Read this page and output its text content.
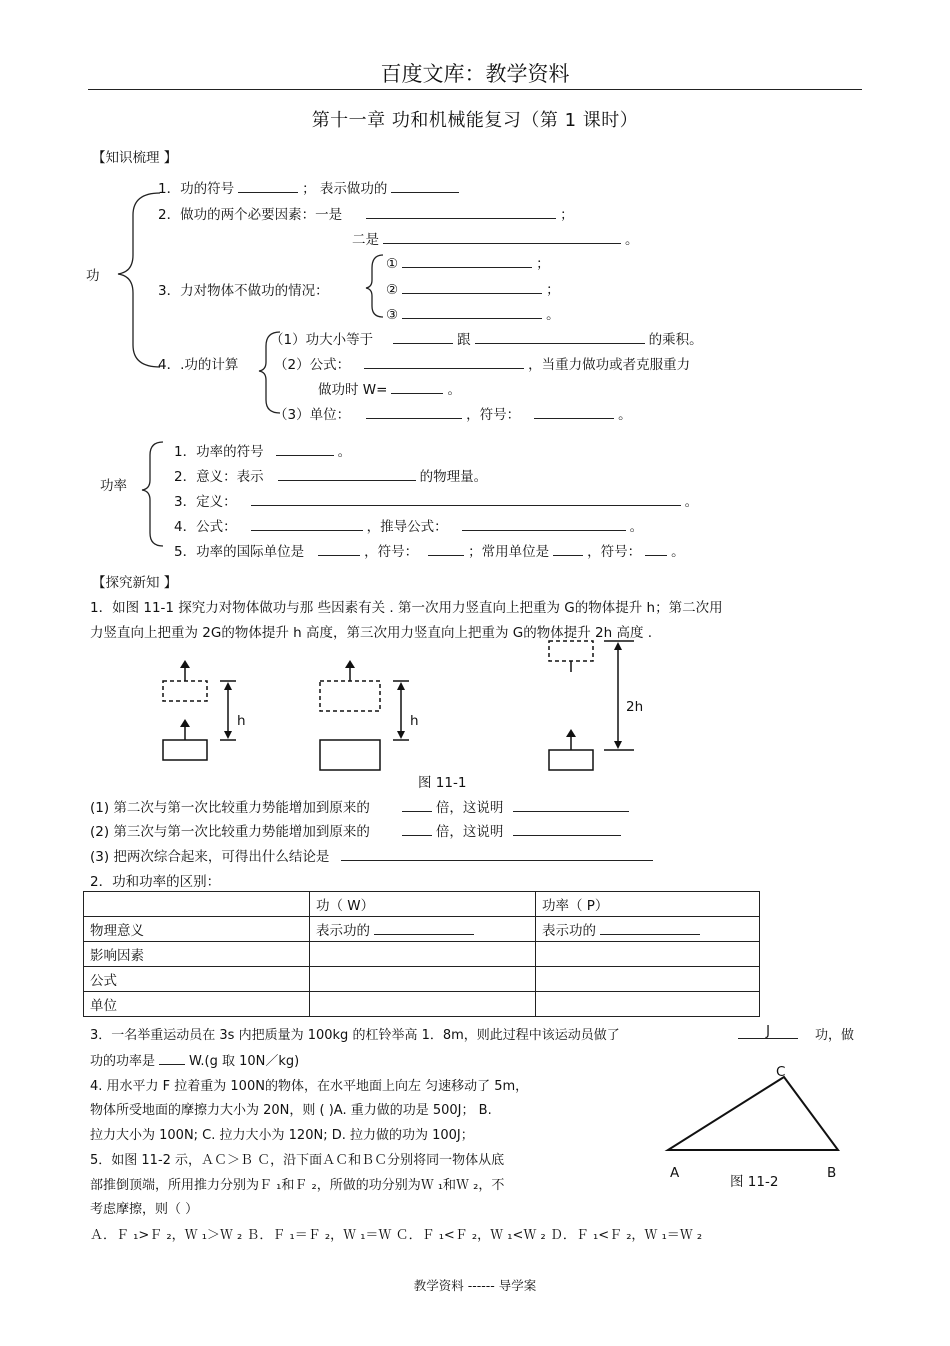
百度文库：教学资料
第十一章 功和机械能复习（第 1 课时）
【知识梳理 】
功
1．功的符号	； 表示做功的
2．做功的两个必要因素：一是	；
二是	。
3．力对物体不做功的情况：
①	；
②	；
③	。
4．.功的计算
（1）功大小等于	跟	的乘积。
（2）公式：	，当重力做功或者克服重力
做功时 W=	。
（3）单位：	，符号：	。
功率
1．功率的符号	。
2．意义：表示	的物理量。
3．定义：	。
4．公式：	，推导公式：	。
5．功率的国际单位是	，符号：	；常用单位是	，符号： 。
【探究新知 】
1．如图 11-1 探究力对物体做功与那 些因素有关 . 第一次用力竖直向上把重为 G的物体提升 h；第二次用
力竖直向上把重为 2G的物体提升 h 高度，第三次用力竖直向上把重为 G的物体提升 2h 高度 .
h	h
2h
图 11-1
(1) 第二次与第一次比较重力势能增加到原来的	倍，这说明
(2) 第三次与第一次比较重力势能增加到原来的	倍，这说明
(3) 把两次综合起来，可得出什么结论是
2．功和功率的区别：
	功（ W）	功率（ P）
物理意义	表示功的	表示功的
影响因素		
公式		
单位		
3．一名举重运动员在 3s 内把质量为 100kg 的杠铃举高 1．8m，则此过程中该运动员做了	J	功，做
功的功率是	W.(g 取 10N／kg)
4. 用水平力 F 拉着重为 100N的物体，在水平地面上向左 匀速移动了 5m，
物体所受地面的摩擦力大小为 20N，则 ( )A. 重力做的功是 500J； B.
拉力大小为 100N; C. 拉力大小为 120N; D. 拉力做的功为 100J；
5．如图 11-2 示，ＡＣ＞Ｂ Ｃ，沿下面ＡＣ和ＢＣ分别将同一物体从底
部推倒顶端，所用推力分别为Ｆ ₁和Ｆ ₂，所做的功分别为Ｗ ₁和Ｗ ₂，不
考虑摩擦，则（ ）
Ａ．Ｆ ₁>Ｆ ₂，Ｗ ₁＞Ｗ ₂ Ｂ．Ｆ ₁＝Ｆ ₂，Ｗ ₁＝Ｗ Ｃ．Ｆ ₁<Ｆ ₂，Ｗ ₁<Ｗ ₂ Ｄ．Ｆ ₁<Ｆ ₂，Ｗ ₁＝Ｗ ₂
A	B
C
图 11-2
教学资料 ------ 导学案
